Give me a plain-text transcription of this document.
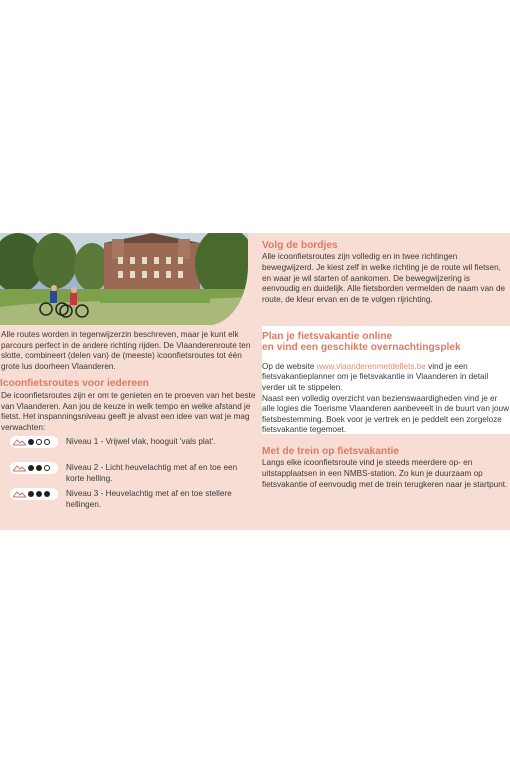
Alle routes worden in tegenwijzerzin beschreven, maar je kunt elk parcours perfect in de andere richting rijden. De Vlaanderenroute ten slotte, combineert (delen van) de (meeste) icoonfietsroutes tot één grote lus doorheen Vlaanderen.

Icoonfietsroutes voor iedereen

De icoonfietsroutes zijn er om te genieten en te proeven van het beste van Vlaanderen. Aan jou de keuze in welk tempo en welke afstand je fietst. Het inspanningsniveau geeft je alvast een idee van wat je mag verwachten:

Niveau 1 - Vrijwel vlak, hooguit 'vals plat'.
Niveau 2 - Licht heuvelachtig met af en toe een korte helling.
Niveau 3 - Heuvelachtig met af en toe stellere hellingen.
Volg de bordjes

Alle icoonfietsroutes zijn volledig en in twee richtingen bewegwijzerd. Je kiest zelf in welke richting je de route wil fietsen, en waar je wil starten of aankomen. De bewegwijzering is eenvoudig en duidelijk. Alle fietsborden vermelden de naam van de route, de kleur ervan en de te volgen rijrichting.

Plan je fietsvakantie online
en vind een geschikte overnachtingsplek

Op de website www.vlaanderenmetdefiets.be vind je een fietsvakantieplanner om je fietsvakantie in Vlaanderen in detail verder uit te stippelen.

Naast een volledig overzicht van bezienswaardigheden vind je er alle logies die Toerisme Vlaanderen aanbeveelt in de buurt van jouw fietsbestemming. Boek voor je vertrek en je peddelt een zorgeloze fietsvakantie tegemoet.

Met de trein op fietsvakantie

Langs elke icoonfietsroute vind je steeds meerdere op- en uitstapplaatsen in een NMBS-station. Zo kun je duurzaam op fietsvakantie of eenvoudig met de trein terugkeren naar je startpunt.
